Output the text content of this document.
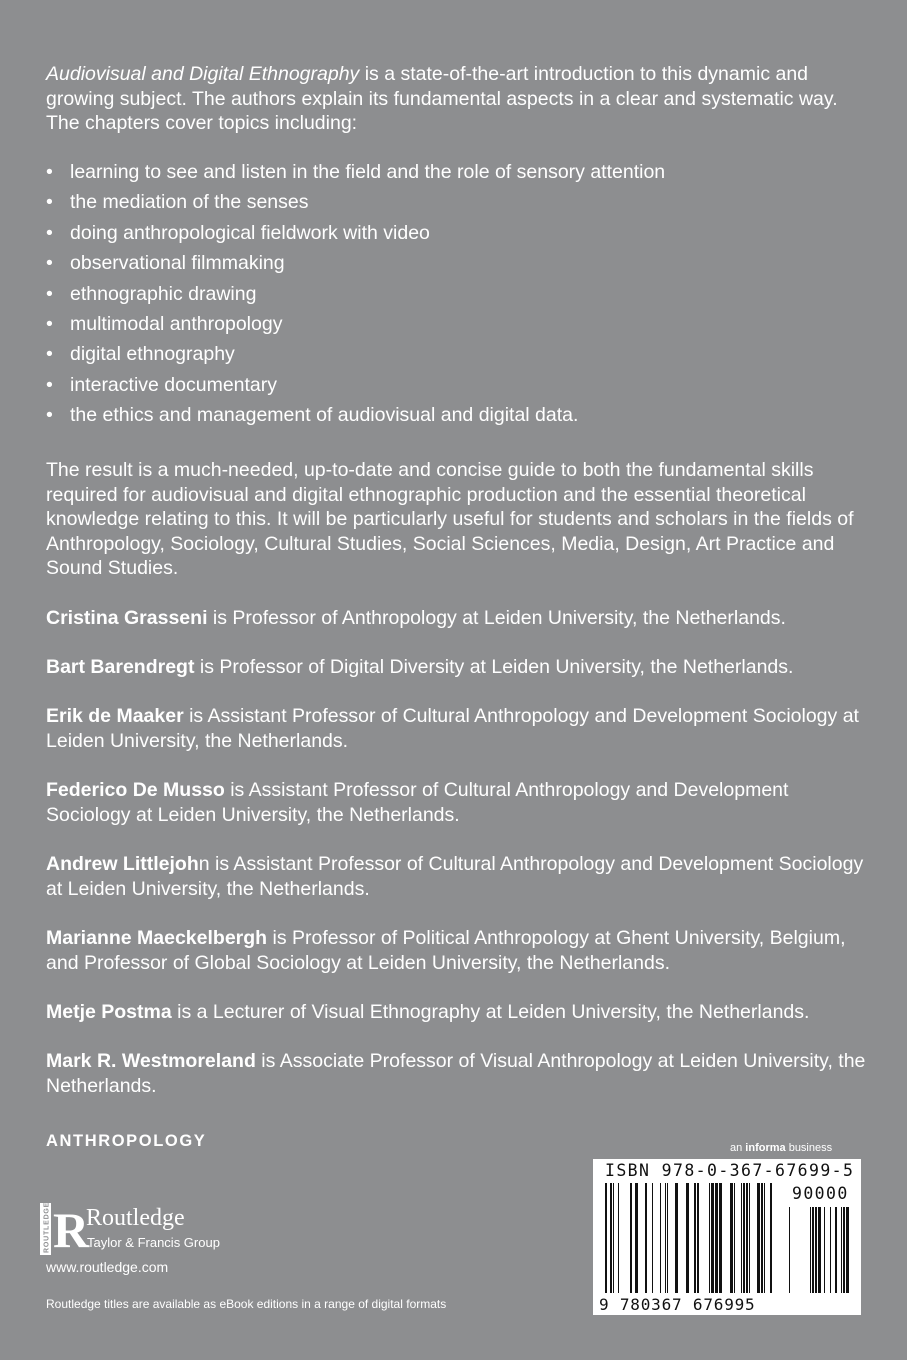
Audiovisual and Digital Ethnography is a state-of-the-art introduction to this dynamic and growing subject. The authors explain its fundamental aspects in a clear and systematic way. The chapters cover topics including:
• learning to see and listen in the field and the role of sensory attention
• the mediation of the senses
• doing anthropological fieldwork with video
• observational filmmaking
• ethnographic drawing
• multimodal anthropology
• digital ethnography
• interactive documentary
• the ethics and management of audiovisual and digital data.
The result is a much-needed, up-to-date and concise guide to both the fundamental skills required for audiovisual and digital ethnographic production and the essential theoretical knowledge relating to this. It will be particularly useful for students and scholars in the fields of Anthropology, Sociology, Cultural Studies, Social Sciences, Media, Design, Art Practice and Sound Studies.
Cristina Grasseni is Professor of Anthropology at Leiden University, the Netherlands.
Bart Barendregt is Professor of Digital Diversity at Leiden University, the Netherlands.
Erik de Maaker is Assistant Professor of Cultural Anthropology and Development Sociology at Leiden University, the Netherlands.
Federico De Musso is Assistant Professor of Cultural Anthropology and Development Sociology at Leiden University, the Netherlands.
Andrew Littlejohn is Assistant Professor of Cultural Anthropology and Development Sociology at Leiden University, the Netherlands.
Marianne Maeckelbergh is Professor of Political Anthropology at Ghent University, Belgium, and Professor of Global Sociology at Leiden University, the Netherlands.
Metje Postma is a Lecturer of Visual Ethnography at Leiden University, the Netherlands.
Mark R. Westmoreland is Associate Professor of Visual Anthropology at Leiden University, the Netherlands.
ANTHROPOLOGY	an informa business
ROUTLEDGE R
Routledge
Taylor & Francis Group
www.routledge.com
Routledge titles are available as eBook editions in a range of digital formats
ISBN 978-0-367-67699-5
90000
9 780367 676995
